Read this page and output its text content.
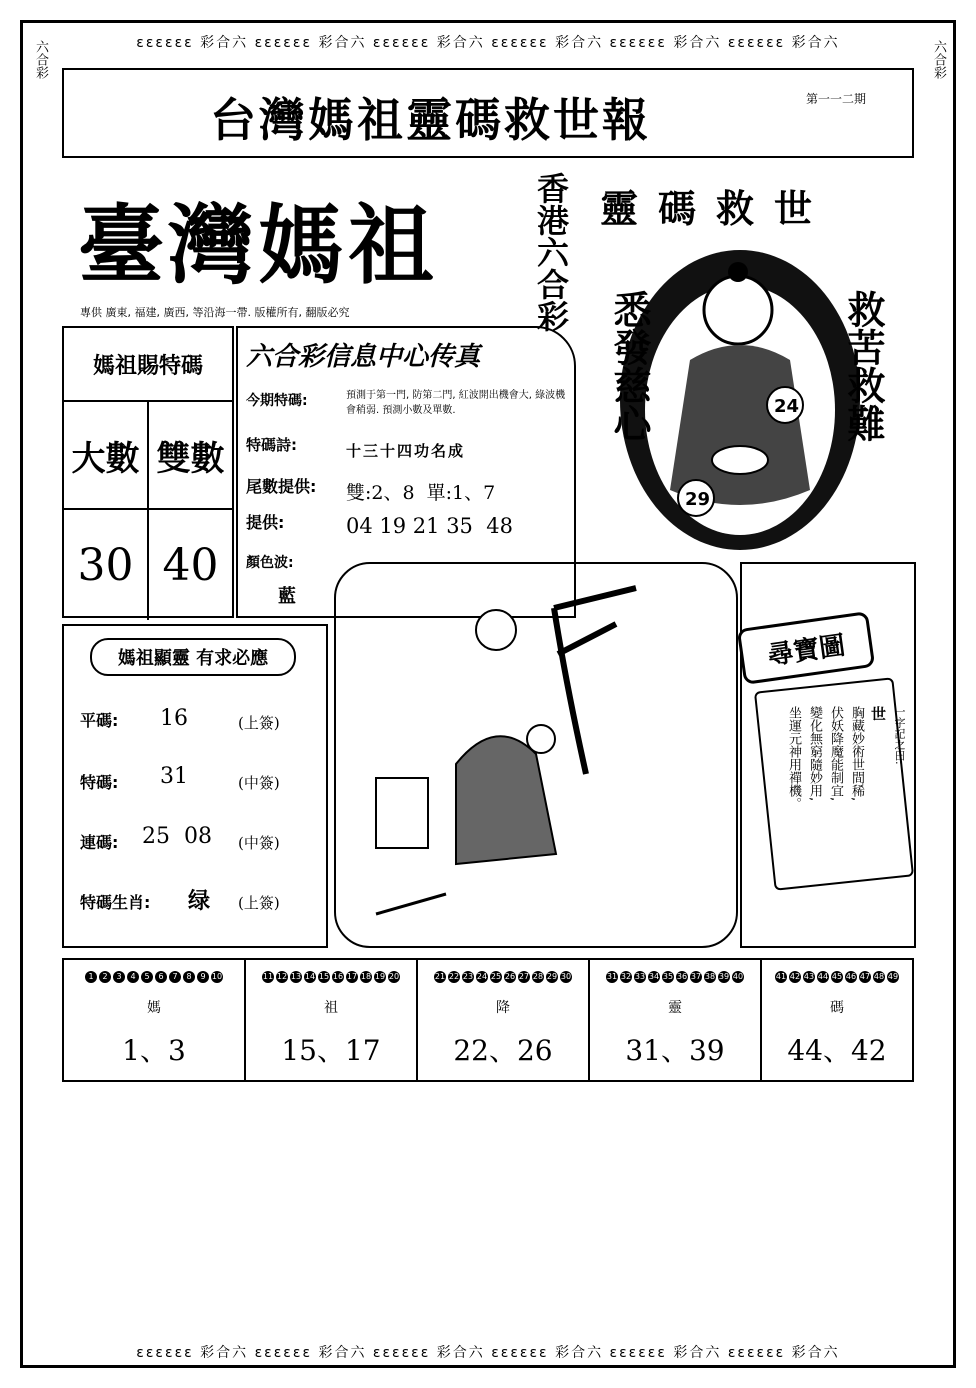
ɛɛɛɛɛɛ 彩合六 ɛɛɛɛɛɛ 彩合六 ɛɛɛɛɛɛ 彩合六 ɛɛɛɛɛɛ 彩合六 ɛɛɛɛɛɛ 彩合六 ɛɛɛɛɛɛ 彩合六
ɛɛɛɛɛɛ 彩合六 ɛɛɛɛɛɛ 彩合六 ɛɛɛɛɛɛ 彩合六 ɛɛɛɛɛɛ 彩合六 ɛɛɛɛɛɛ 彩合六 ɛɛɛɛɛɛ 彩合六
六合彩	六合彩
台灣媽祖靈碼救世報	第一一二期
臺灣媽祖	香港六合彩
專供 廣東, 福建, 廣西, 等沿海一帶. 版權所有, 翻版必究
靈碼救世
悉發慈心	救苦救難
24
29
媽祖賜特碼
大數 雙數
30 40
六合彩信息中心传真
今期特碼:	預測于第一門, 防第二門, 紅波開出機會大, 綠波機會稍弱. 預測小數及單數.
特碼詩:	十三十四功名成
尾數提供: 雙:2、8  單:1、7
提供:	04 19 21 35  48
顏色波:
藍
尋寶圖
一字記之曰:
世
胸藏妙術世間稀,
伏妖降魔能制宜,
變化無窮隨妙用,
坐運元神用禪機。
媽祖顯靈 有求必應
平碼: 16	(上簽)
特碼: 31	(中簽)
連碼: 25  08 (中簽)
特碼生肖: 绿 (上簽)
1 2 3 4 5 6 7 8 9 10
媽
1、3
11 12 13 14 15 16 17 18 19 20
祖
15、17
21 22 23 24 25 26 27 28 29 30
降
22、26
31 32 33 34 35 36 37 38 39 40
靈
31、39
41 42 43 44 45 46 47 48 49
碼
44、42
